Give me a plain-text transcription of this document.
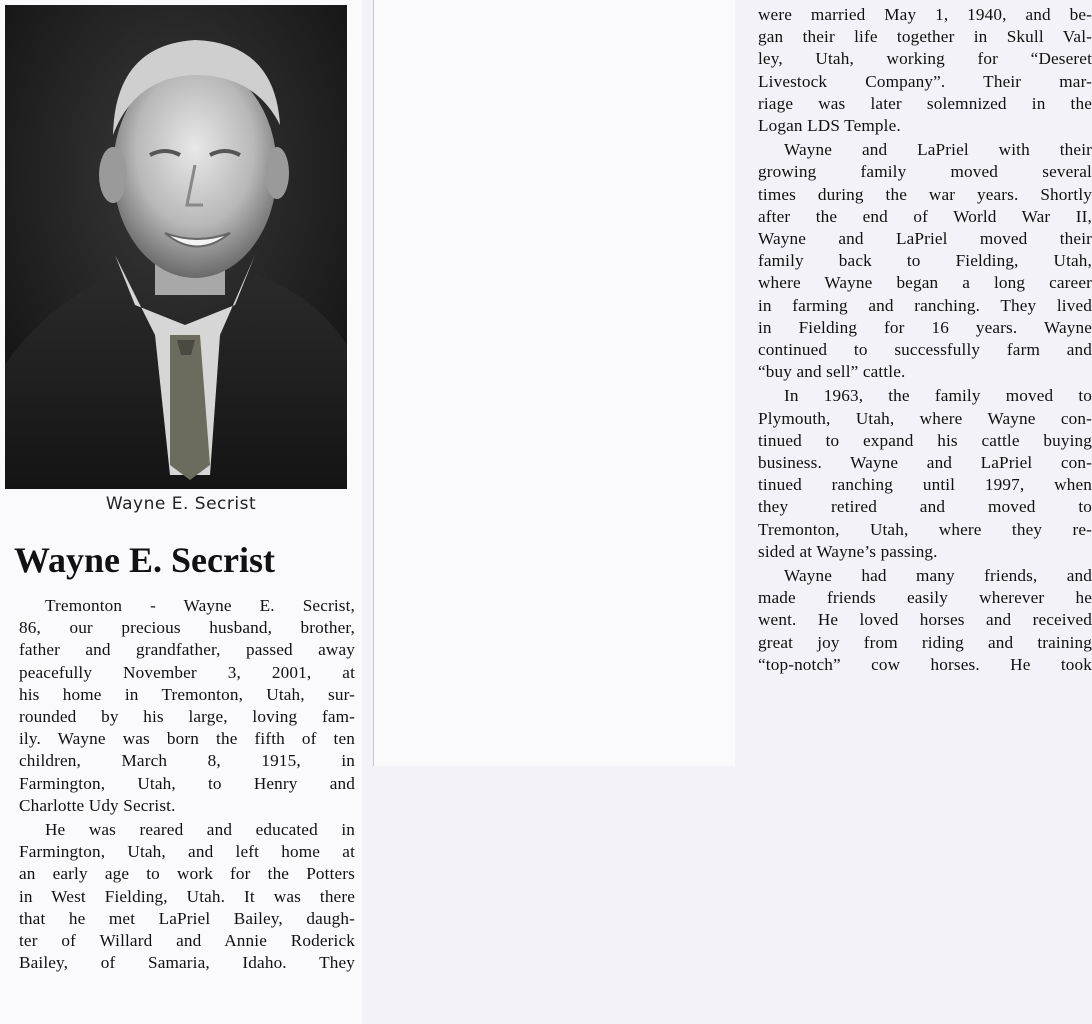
Wayne E. Secrist
Wayne E. Secrist

Tremonton - Wayne E. Secrist,
86, our precious husband, brother,
father and grandfather, passed away
peacefully November 3, 2001, at
his home in Tremonton, Utah, sur-
rounded by his large, loving fam-
ily. Wayne was born the fifth of ten
children, March 8, 1915, in
Farmington, Utah, to Henry and
Charlotte Udy Secrist.

He was reared and educated in
Farmington, Utah, and left home at
an early age to work for the Potters
in West Fielding, Utah. It was there
that he met LaPriel Bailey, daugh-
ter of Willard and Annie Roderick
Bailey, of Samaria, Idaho. They

were married May 1, 1940, and be-
gan their life together in Skull Val-
ley, Utah, working for “Deseret
Livestock Company”. Their mar-
riage was later solemnized in the
Logan LDS Temple.

Wayne and LaPriel with their
growing family moved several
times during the war years. Shortly
after the end of World War II,
Wayne and LaPriel moved their
family back to Fielding, Utah,
where Wayne began a long career
in farming and ranching. They lived
in Fielding for 16 years. Wayne
continued to successfully farm and
“buy and sell” cattle.

In 1963, the family moved to
Plymouth, Utah, where Wayne con-
tinued to expand his cattle buying
business. Wayne and LaPriel con-
tinued ranching until 1997, when
they retired and moved to
Tremonton, Utah, where they re-
sided at Wayne’s passing.

Wayne had many friends, and
made friends easily wherever he
went. He loved horses and received
great joy from riding and training
“top-notch” cow horses. He took
